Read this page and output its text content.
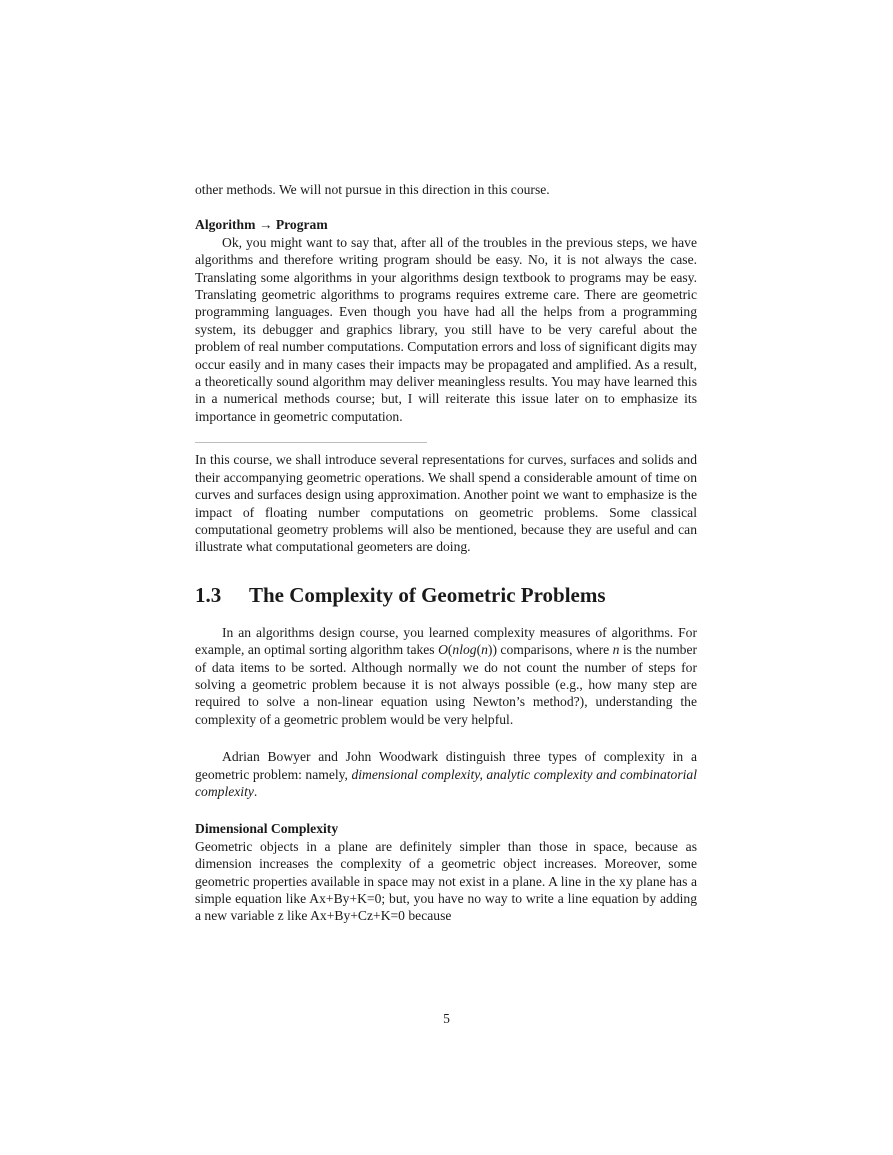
other methods. We will not pursue in this direction in this course.

Algorithm → Program

Ok, you might want to say that, after all of the troubles in the previous steps, we have algorithms and therefore writing program should be easy. No, it is not always the case. Translating some algorithms in your algorithms design textbook to programs may be easy. Translating geometric algorithms to programs requires extreme care. There are geometric programming languages. Even though you have had all the helps from a programming system, its debugger and graphics library, you still have to be very careful about the problem of real number computations. Computation errors and loss of significant digits may occur easily and in many cases their impacts may be propagated and amplified. As a result, a theoretically sound algorithm may deliver meaningless results. You may have learned this in a numerical methods course; but, I will reiterate this issue later on to emphasize its importance in geometric computation.

In this course, we shall introduce several representations for curves, surfaces and solids and their accompanying geometric operations. We shall spend a considerable amount of time on curves and surfaces design using approximation. Another point we want to emphasize is the impact of floating number computations on geometric problems. Some classical computational geometry problems will also be mentioned, because they are useful and can illustrate what computational geometers are doing.

1.3 The Complexity of Geometric Problems

In an algorithms design course, you learned complexity measures of algorithms. For example, an optimal sorting algorithm takes O(nlog(n)) comparisons, where n is the number of data items to be sorted. Although normally we do not count the number of steps for solving a geometric problem because it is not always possible (e.g., how many step are required to solve a non-linear equation using Newton’s method?), understanding the complexity of a geometric problem would be very helpful.

Adrian Bowyer and John Woodwark distinguish three types of complexity in a geometric problem: namely, dimensional complexity, analytic complexity and combinatorial complexity.

Dimensional Complexity

Geometric objects in a plane are definitely simpler than those in space, because as dimension increases the complexity of a geometric object increases. Moreover, some geometric properties available in space may not exist in a plane. A line in the xy plane has a simple equation like Ax+By+K=0; but, you have no way to write a line equation by adding a new variable z like Ax+By+Cz+K=0 because

5
